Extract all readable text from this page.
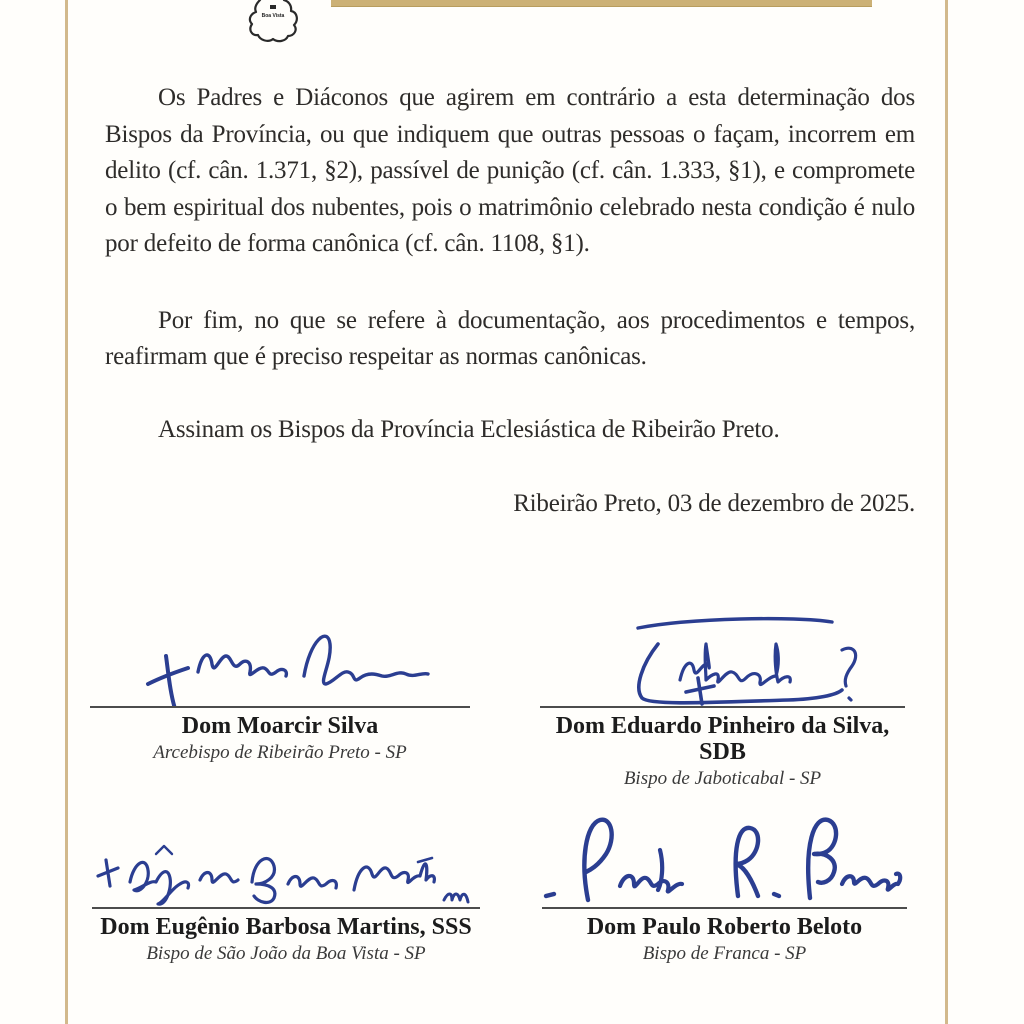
Boa Vista

Os Padres e Diáconos que agirem em contrário a esta determinação dos Bispos da Província, ou que indiquem que outras pessoas o façam, incorrem em delito (cf. cân. 1.371, §2), passível de punição (cf. cân. 1.333, §1), e compromete o bem espiritual dos nubentes, pois o matrimônio celebrado nesta condição é nulo por defeito de forma canônica (cf. cân. 1108, §1).

Por fim, no que se refere à documentação, aos procedimentos e tempos, reafirmam que é preciso respeitar as normas canônicas.

Assinam os Bispos da Província Eclesiástica de Ribeirão Preto.

Ribeirão Preto, 03 de dezembro de 2025.

Dom Moarcir Silva
Arcebispo de Ribeirão Preto - SP
Dom Eduardo Pinheiro da Silva, SDB
Bispo de Jaboticabal - SP
Dom Eugênio Barbosa Martins, SSS
Bispo de São João da Boa Vista - SP
Dom Paulo Roberto Beloto
Bispo de Franca - SP
